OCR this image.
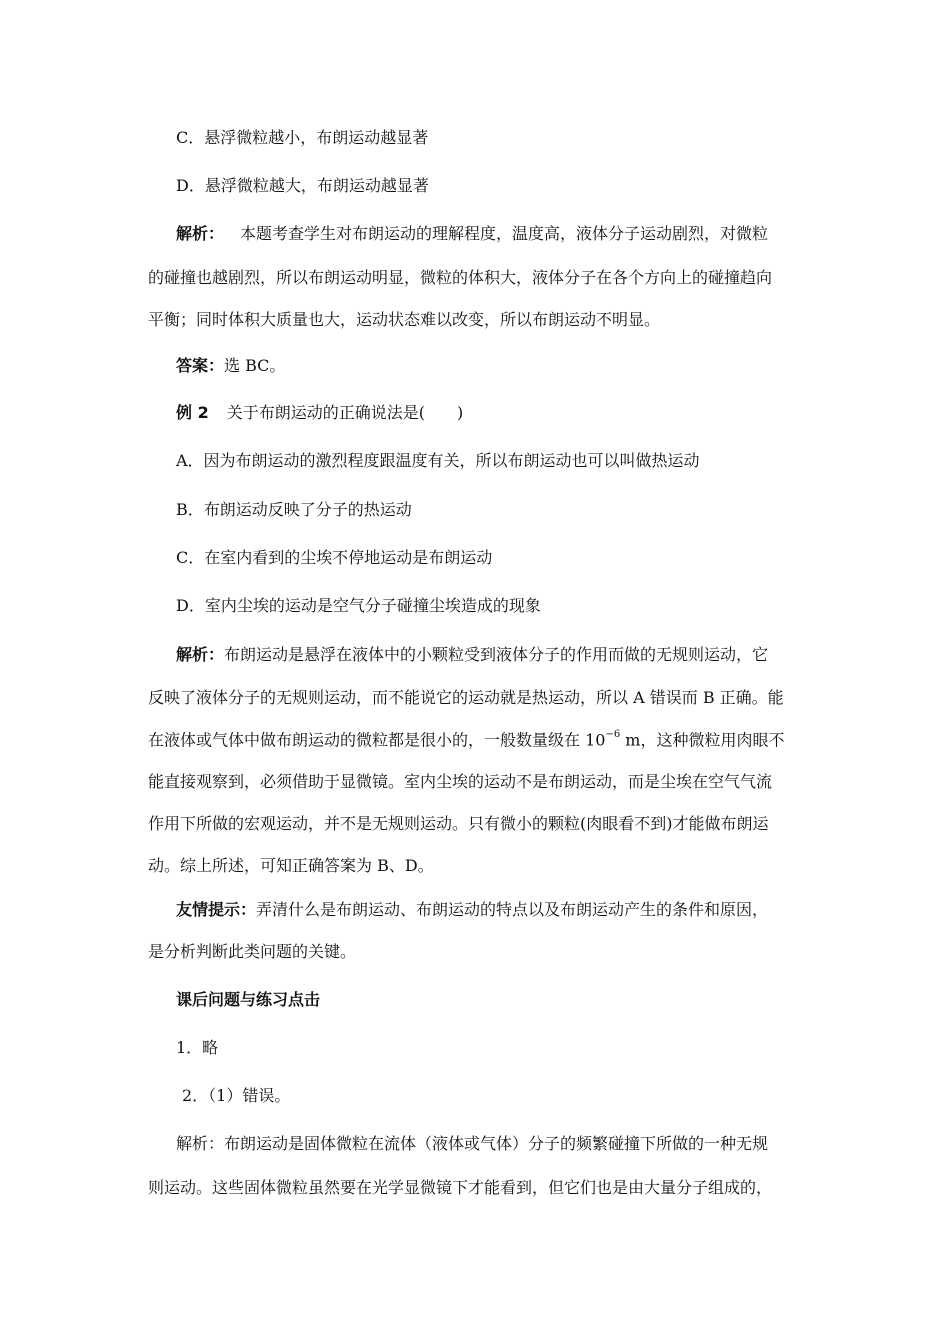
C．悬浮微粒越小，布朗运动越显著
D．悬浮微粒越大，布朗运动越显著
解析： 本题考查学生对布朗运动的理解程度，温度高，液体分子运动剧烈，对微粒
的碰撞也越剧烈，所以布朗运动明显，微粒的体积大，液体分子在各个方向上的碰撞趋向
平衡；同时体积大质量也大，运动状态难以改变，所以布朗运动不明显。
答案：选 BC。
例 2 关于布朗运动的正确说法是(　　)
A．因为布朗运动的激烈程度跟温度有关，所以布朗运动也可以叫做热运动
B．布朗运动反映了分子的热运动
C．在室内看到的尘埃不停地运动是布朗运动
D．室内尘埃的运动是空气分子碰撞尘埃造成的现象
解析：布朗运动是悬浮在液体中的小颗粒受到液体分子的作用而做的无规则运动，它
反映了液体分子的无规则运动，而不能说它的运动就是热运动，所以 A 错误而 B 正确。能
在液体或气体中做布朗运动的微粒都是很小的，一般数量级在 $10^{-6}$ m，这种微粒用肉眼不
能直接观察到，必须借助于显微镜。室内尘埃的运动不是布朗运动，而是尘埃在空气气流
作用下所做的宏观运动，并不是无规则运动。只有微小的颗粒(肉眼看不到)才能做布朗运
动。综上所述，可知正确答案为 B、D。
友情提示：弄清什么是布朗运动、布朗运动的特点以及布朗运动产生的条件和原因，
是分析判断此类问题的关键。
课后问题与练习点击
1．略
2．（1）错误。
解析：布朗运动是固体微粒在流体（液体或气体）分子的频繁碰撞下所做的一种无规
则运动。这些固体微粒虽然要在光学显微镜下才能看到，但它们也是由大量分子组成的，
